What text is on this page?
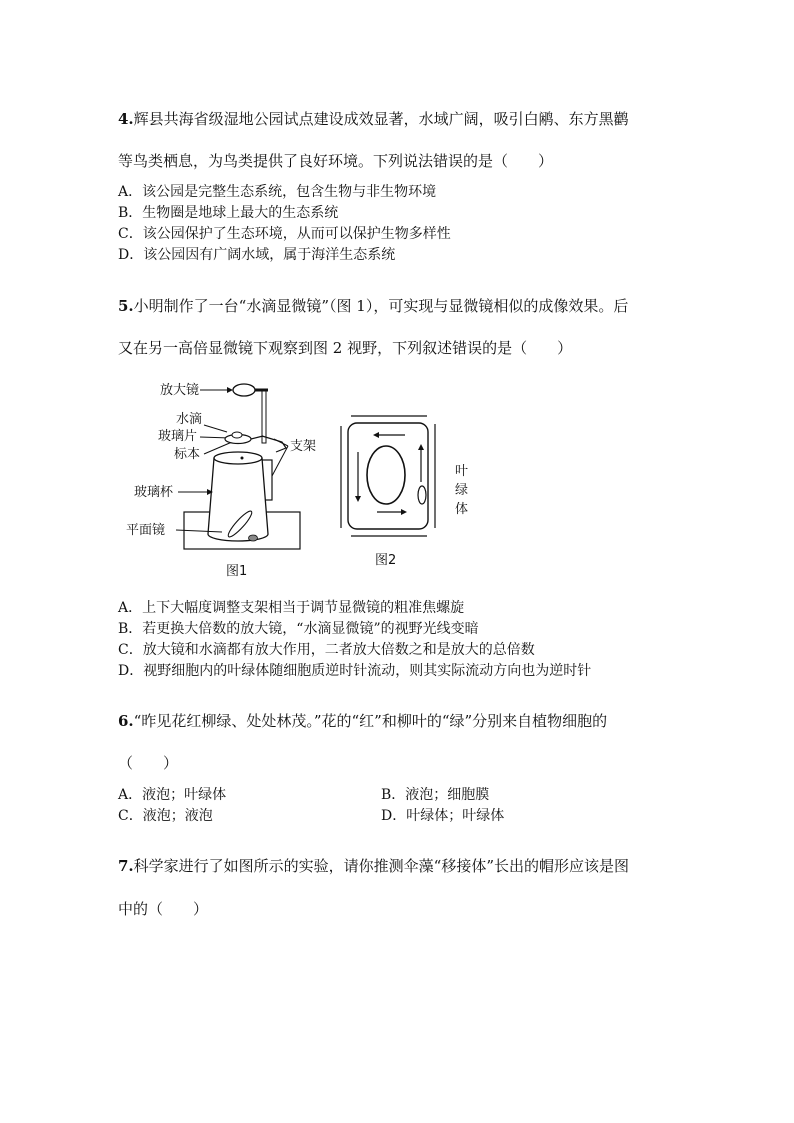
4.辉县共海省级湿地公园试点建设成效显著，水域广阔，吸引白鹇、东方黑鹳
等鸟类栖息，为鸟类提供了良好环境。下列说法错误的是（　　）
A．该公园是完整生态系统，包含生物与非生物环境
B．生物圈是地球上最大的生态系统
C．该公园保护了生态环境，从而可以保护生物多样性
D．该公园因有广阔水域，属于海洋生态系统
5.小明制作了一台“水滴显微镜”（图 1），可实现与显微镜相似的成像效果。后
又在另一高倍显微镜下观察到图 2 视野，下列叙述错误的是（　　）
放大镜
水滴
玻璃片
标本
支架
玻璃杯
平面镜
图1
叶
绿
体
图2
A．上下大幅度调整支架相当于调节显微镜的粗准焦螺旋
B．若更换大倍数的放大镜，“水滴显微镜”的视野光线变暗
C．放大镜和水滴都有放大作用，二者放大倍数之和是放大的总倍数
D．视野细胞内的叶绿体随细胞质逆时针流动，则其实际流动方向也为逆时针
6.“昨见花红柳绿、处处林茂。”花的“红”和柳叶的“绿”分别来自植物细胞的
（　　）
A．液泡；叶绿体	B．液泡；细胞膜
C．液泡；液泡	D．叶绿体；叶绿体
7.科学家进行了如图所示的实验，请你推测伞藻“移接体”长出的帽形应该是图
中的（　　）
